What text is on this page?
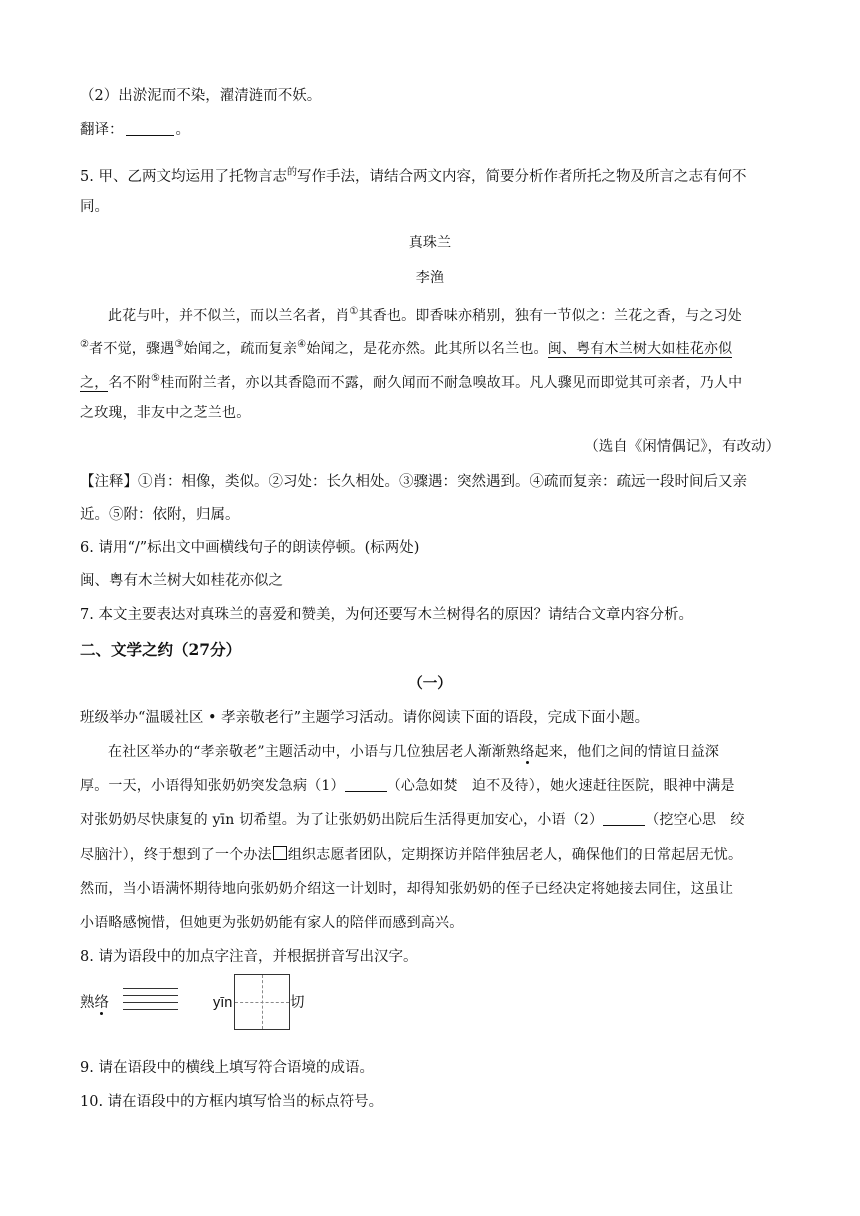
（2）出淤泥而不染，濯清涟而不妖。
翻译：	。
5. 甲、乙两文均运用了托物言志$^的$写作手法，请结合两文内容，简要分析作者所托之物及所言之志有何不
同。
真珠兰
李渔
此花与叶，并不似兰，而以兰名者，肖①其香也。即香味亦稍别，独有一节似之：兰花之香，与之习处
②者不觉，骤遇③始闻之，疏而复亲④始闻之，是花亦然。此其所以名兰也。闽、粤有木兰树大如桂花亦似
之，名不附⑤桂而附兰者，亦以其香隐而不露，耐久闻而不耐急嗅故耳。凡人骤见而即觉其可亲者，乃人中
之玫瑰，非友中之芝兰也。
（选自《闲情偶记》，有改动）
【注释】①肖：相像，类似。②习处：长久相处。③骤遇：突然遇到。④疏而复亲：疏远一段时间后又亲
近。⑤附：依附，归属。
6. 请用“/”标出文中画横线句子的朗读停顿。(标两处)
闽、粤有木兰树大如桂花亦似之
7. 本文主要表达对真珠兰的喜爱和赞美，为何还要写木兰树得名的原因？请结合文章内容分析。
二、文学之约（27分）
（一）
班级举办“温暖社区 • 孝亲敬老行”主题学习活动。请你阅读下面的语段，完成下面小题。
在社区举办的“孝亲敬老”主题活动中，小语与几位独居老人渐渐熟络起来，他们之间的情谊日益深
厚。一天，小语得知张奶奶突发急病（1）	（心急如焚　迫不及待），她火速赶往医院，眼神中满是
对张奶奶尽快康复的 yīn 切希望。为了让张奶奶出院后生活得更加安心，小语（2）	（挖空心思　绞
尽脑汁），终于想到了一个办法 组织志愿者团队，定期探访并陪伴独居老人，确保他们的日常起居无忧。
然而，当小语满怀期待地向张奶奶介绍这一计划时，却得知张奶奶的侄子已经决定将她接去同住，这虽让
小语略感惋惜，但她更为张奶奶能有家人的陪伴而感到高兴。
8. 请为语段中的加点字注音，并根据拼音写出汉字。
熟络	yīn	切
9. 请在语段中的横线上填写符合语境的成语。
10. 请在语段中的方框内填写恰当的标点符号。
